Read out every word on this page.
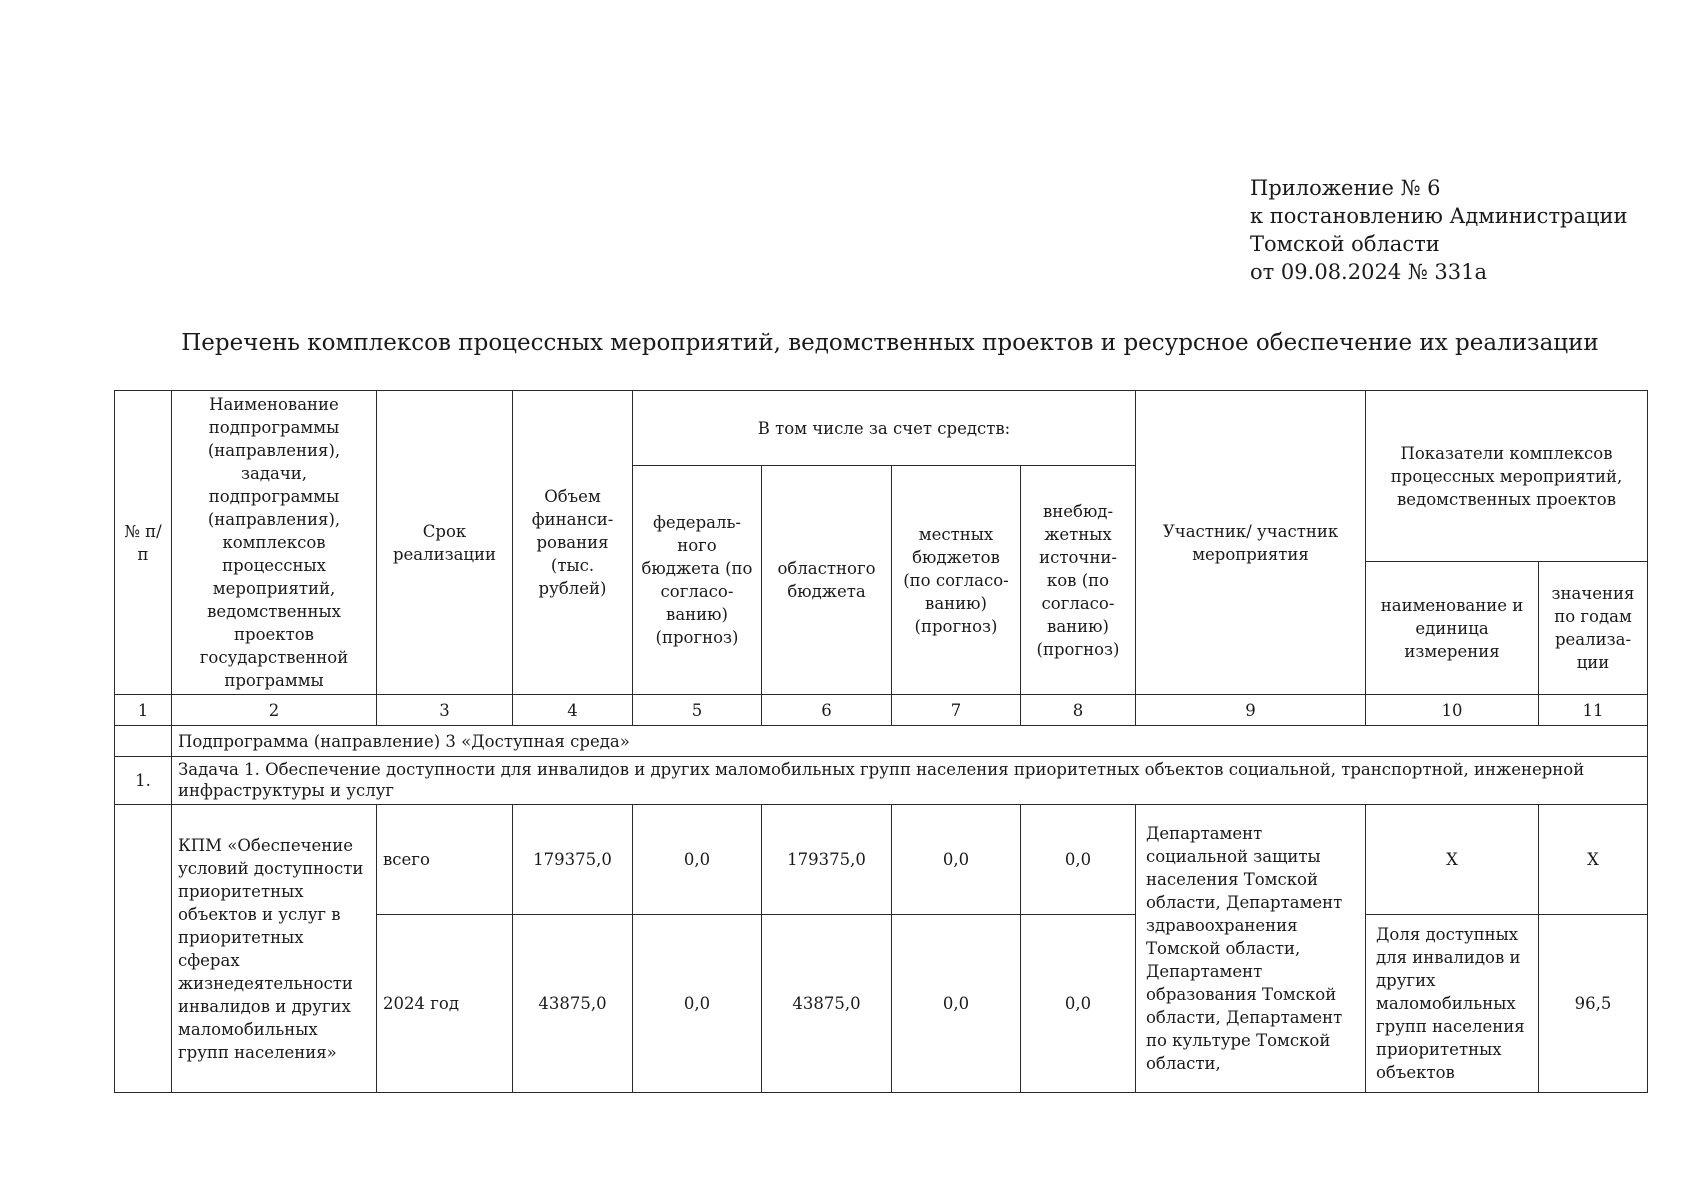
Приложение № 6
к постановлению Администрации
Томской области
от 09.08.2024 № 331а
Перечень комплексов процессных мероприятий, ведомственных проектов и ресурсное обеспечение их реализации
№ п/п	Наименование подпрограммы (направления), задачи, подпрограммы (направления), комплексов процессных мероприятий, ведомственных проектов государственной программы	Срок реализации	Объем финанси-рования (тыс. рублей)	В том числе за счет средств:				Участник/ участник мероприятия	Показатели комплексов процессных мероприятий, ведомственных проектов	
				федераль-ного бюджета (по согласо-ванию) (прогноз)	областного бюджета	местных бюджетов (по согласо-ванию) (прогноз)	внебюд-жетных источни-ков (по согласо-ванию) (прогноз)			
									наименование и единица измерения	значения по годам реализа-ции
1	2	3	4	5	6	7	8	9	10	11
	Подпрограмма (направление) 3 «Доступная среда»									
1.	Задача 1. Обеспечение доступности для инвалидов и других маломобильных групп населения приоритетных объектов социальной, транспортной, инженерной инфраструктуры и услуг									
	КПМ «Обеспечение условий доступности приоритетных объектов и услуг в приоритетных сферах жизнедеятельности инвалидов и других маломобильных групп населения»	всего	179375,0	0,0	179375,0	0,0	0,0	Департамент социальной защиты населения Томской области, Департамент здравоохранения Томской области, Департамент образования Томской области, Департамент по культуре Томской области,	Х	Х
		2024 год	43875,0	0,0	43875,0	0,0	0,0		Доля доступных для инвалидов и других маломобильных групп населения приоритетных объектов	96,5
